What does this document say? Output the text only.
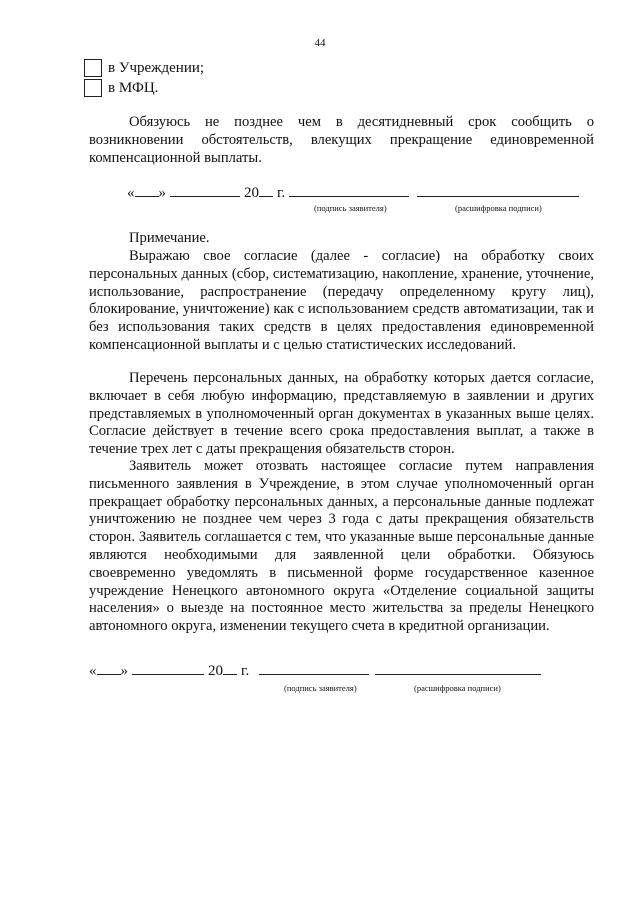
44
в Учреждении;
в МФЦ.
Обязуюсь не позднее чем в десятидневный срок сообщить о возникновении обстоятельств, влекущих прекращение единовременной компенсационной выплаты.
« »	20 г.
(подпись заявителя)	(расшифровка подписи)
Примечание.
Выражаю свое согласие (далее - согласие) на обработку своих персональных данных (сбор, систематизацию, накопление, хранение, уточнение, использование, распространение (передачу определенному кругу лиц), блокирование, уничтожение) как с использованием средств автоматизации, так и без использования таких средств в целях предоставления единовременной компенсационной выплаты и с целью статистических исследований.
Перечень персональных данных, на обработку которых дается согласие, включает в себя любую информацию, представляемую в заявлении и других представляемых в уполномоченный орган документах в указанных выше целях. Согласие действует в течение всего срока предоставления выплат, а также в течение трех лет с даты прекращения обязательств сторон.
Заявитель может отозвать настоящее согласие путем направления письменного заявления в Учреждение, в этом случае уполномоченный орган прекращает обработку персональных данных, а персональные данные подлежат уничтожению не позднее чем через 3 года с даты прекращения обязательств сторон. Заявитель соглашается с тем, что указанные выше персональные данные являются необходимыми для заявленной цели обработки. Обязуюсь своевременно уведомлять в письменной форме государственное казенное учреждение Ненецкого автономного округа «Отделение социальной защиты населения» о выезде на постоянное место жительства за пределы Ненецкого автономного округа, изменении текущего счета в кредитной организации.
« »	20 г.
(подпись заявителя)	(расшифровка подписи)
